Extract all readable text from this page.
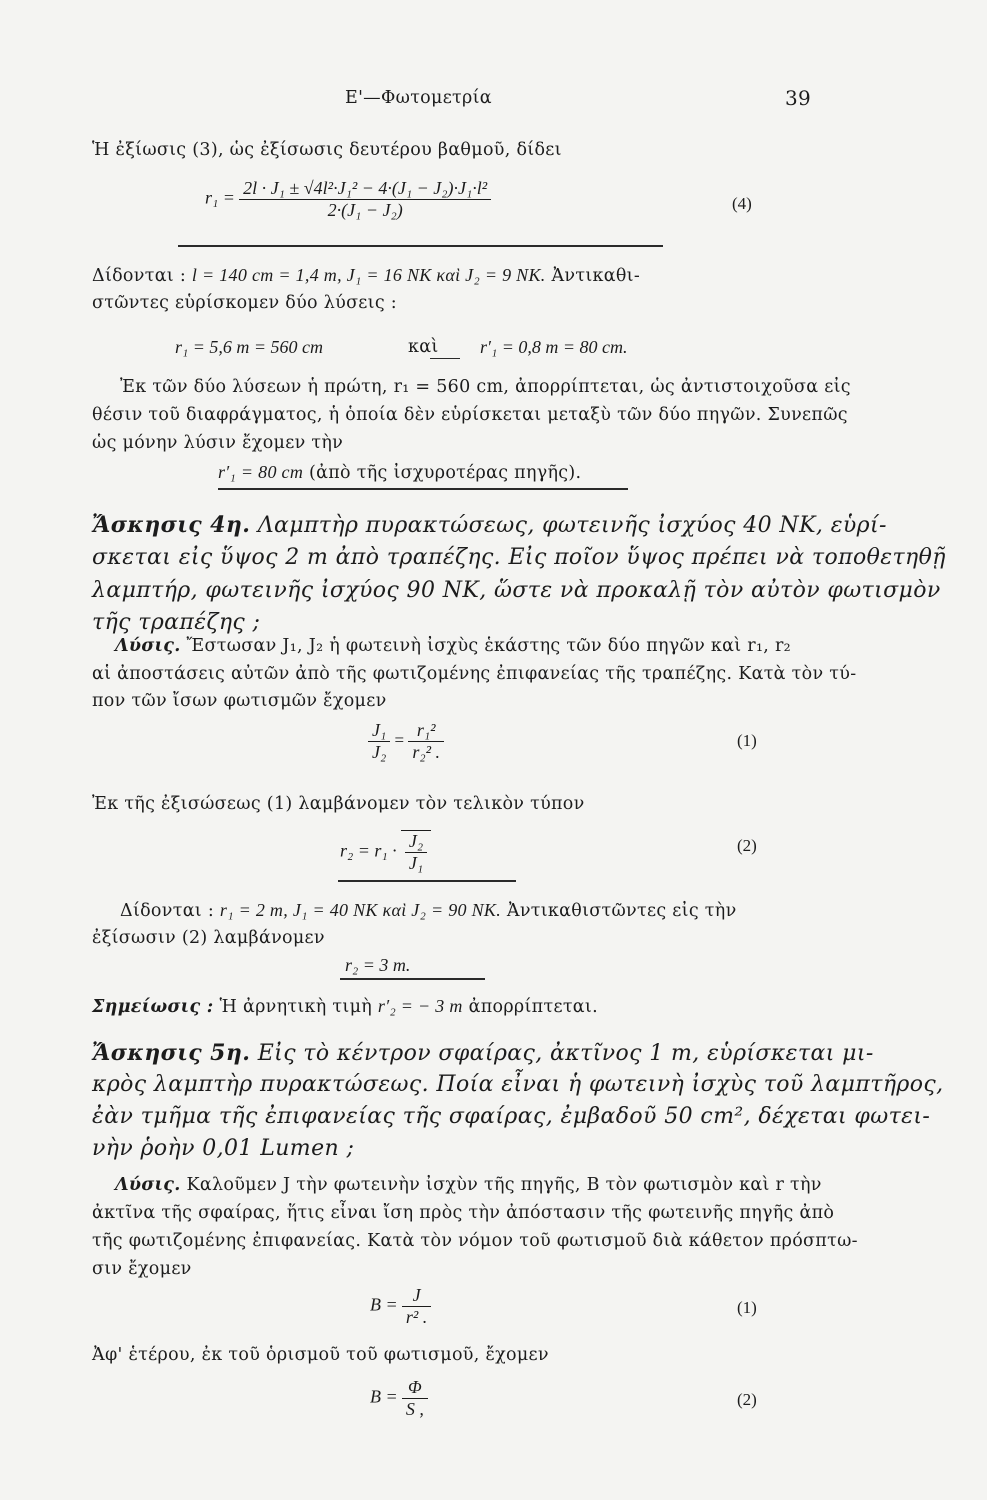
Ε'—Φωτομετρία	39
Ἡ ἐξίωσις (3), ὡς ἐξίσωσις δευτέρου βαθμοῦ, δίδει
$r_1 = \frac{\text{2l · J₁ ± √4l²·J₁² − 4·(J₁ − J₂)·J₁·l²}}{\text{2·(J₁ − J₂)}}$	(4)
Δίδονται : l = 140 cm = 1,4 m, J₁ = 16 NK καὶ J₂ = 9 NK. Ἀντικαθι-
στῶντες εὑρίσκομεν δύο λύσεις :
r₁ = 5,6 m = 560 cm	καὶ r′₁ = 0,8 m = 80 cm.
Ἐκ τῶν δύο λύσεων ἡ πρώτη, r₁ = 560 cm, ἀπορρίπτεται, ὡς ἀντιστοιχοῦσα εἰς
θέσιν τοῦ διαφράγματος, ἡ ὁποία δὲν εὑρίσκεται μεταξὺ τῶν δύο πηγῶν. Συνεπῶς
ὡς μόνην λύσιν ἔχομεν τὴν
r′₁ = 80 cm (ἀπὸ τῆς ἰσχυροτέρας πηγῆς).
Ἄσκησις 4η. Λαμπτὴρ πυρακτώσεως, φωτεινῆς ἰσχύος 40 NK, εὑρί-
σκεται εἰς ὕψος 2 m ἀπὸ τραπέζης. Εἰς ποῖον ὕψος πρέπει νὰ τοποθετηθῇ
λαμπτήρ, φωτεινῆς ἰσχύος 90 NK, ὥστε νὰ προκαλῇ τὸν αὐτὸν φωτισμὸν
τῆς τραπέζης ;
Λύσις. Ἔστωσαν J₁, J₂ ἡ φωτεινὴ ἰσχὺς ἑκάστης τῶν δύο πηγῶν καὶ r₁, r₂
αἱ ἀποστάσεις αὐτῶν ἀπὸ τῆς φωτιζομένης ἐπιφανείας τῆς τραπέζης. Κατὰ τὸν τύ-
πον τῶν ἴσων φωτισμῶν ἔχομεν
$\frac{\text{J₁}}{\text{J₂}} = \frac{\text{r₁²}}{\text{r₂² .}}$	(1)
Ἐκ τῆς ἐξισώσεως (1) λαμβάνομεν τὸν τελικὸν τύπον
$r_2 = r_1 \cdot \frac{\text{J₂}}{\text{J₁}}$	(2)
Δίδονται : r₁ = 2 m, J₁ = 40 NK καὶ J₂ = 90 NK. Ἀντικαθιστῶντες εἰς τὴν
ἐξίσωσιν (2) λαμβάνομεν
r₂ = 3 m.
Σημείωσις : Ἡ ἀρνητικὴ τιμὴ r′₂ = − 3 m ἀπορρίπτεται.
Ἄσκησις 5η. Εἰς τὸ κέντρον σφαίρας, ἀκτῖνος 1 m, εὑρίσκεται μι-
κρὸς λαμπτὴρ πυρακτώσεως. Ποία εἶναι ἡ φωτεινὴ ἰσχὺς τοῦ λαμπτῆρος,
ἐὰν τμῆμα τῆς ἐπιφανείας τῆς σφαίρας, ἐμβαδοῦ 50 cm², δέχεται φωτει-
νὴν ῥοὴν 0,01 Lumen ;
Λύσις. Καλοῦμεν J τὴν φωτεινὴν ἰσχὺν τῆς πηγῆς, B τὸν φωτισμὸν καὶ r τὴν
ἀκτῖνα τῆς σφαίρας, ἥτις εἶναι ἴση πρὸς τὴν ἀπόστασιν τῆς φωτεινῆς πηγῆς ἀπὸ
τῆς φωτιζομένης ἐπιφανείας. Κατὰ τὸν νόμον τοῦ φωτισμοῦ διὰ κάθετον πρόσπτω-
σιν ἔχομεν
$B = \frac{J}{\text{r² .}}$	(1)
Ἀφ' ἑτέρου, ἐκ τοῦ ὁρισμοῦ τοῦ φωτισμοῦ, ἔχομεν
$B = \frac{\Phi}{S ,}$	(2)
